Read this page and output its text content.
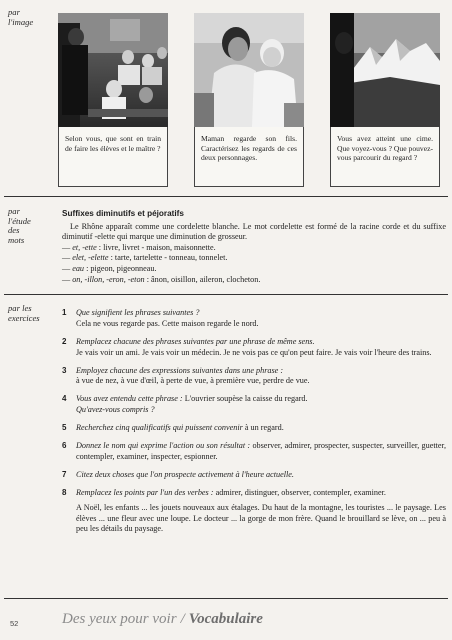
par
l'image
Selon vous, que sont en train de faire les élèves et le maître ?
Maman regarde son fils. Caractérisez les regards de ces deux personnages.
Vous avez atteint une cime. Que voyez-vous ? Que pouvez-vous parcourir du regard ?
par
l'étude
des
mots
Suffixes diminutifs et péjoratifs

Le Rhône apparaît comme une cordelette blanche. Le mot cordelette est formé de la racine corde et du suffixe diminutif -elette qui marque une diminution de grosseur.

— et, -ette : livre, livret - maison, maisonnette.
— elet, -elette : tarte, tartelette - tonneau, tonnelet.
— eau : pigeon, pigeonneau.
— on, -illon, -eron, -eton : ânon, oisillon, aileron, clocheton.
par les
exercices
1 Que signifient les phrases suivantes ?
Cela ne vous regarde pas. Cette maison regarde le nord.
2 Remplacez chacune des phrases suivantes par une phrase de même sens.
Je vais voir un ami. Je vais voir un médecin. Je ne vois pas ce qu'on peut faire. Je vais voir l'heure des trains.
3 Employez chacune des expressions suivantes dans une phrase :
à vue de nez, à vue d'œil, à perte de vue, à première vue, perdre de vue.
4 Vous avez entendu cette phrase : L'ouvrier soupèse la caisse du regard.
Qu'avez-vous compris ?
5 Recherchez cinq qualificatifs qui puissent convenir à un regard.
6 Donnez le nom qui exprime l'action ou son résultat : observer, admirer, prospecter, suspecter, surveiller, guetter, contempler, examiner, inspecter, espionner.
7 Citez deux choses que l'on prospecte activement à l'heure actuelle.
8 Remplacez les points par l'un des verbes : admirer, distinguer, observer, contempler, examiner.
A Noël, les enfants ... les jouets nouveaux aux étalages. Du haut de la montagne, les touristes ... le paysage. Les élèves ... une fleur avec une loupe. Le docteur ... la gorge de mon frère. Quand le brouillard se lève, on ... peu à peu les détails du paysage.
52	Des yeux pour voir / Vocabulaire
